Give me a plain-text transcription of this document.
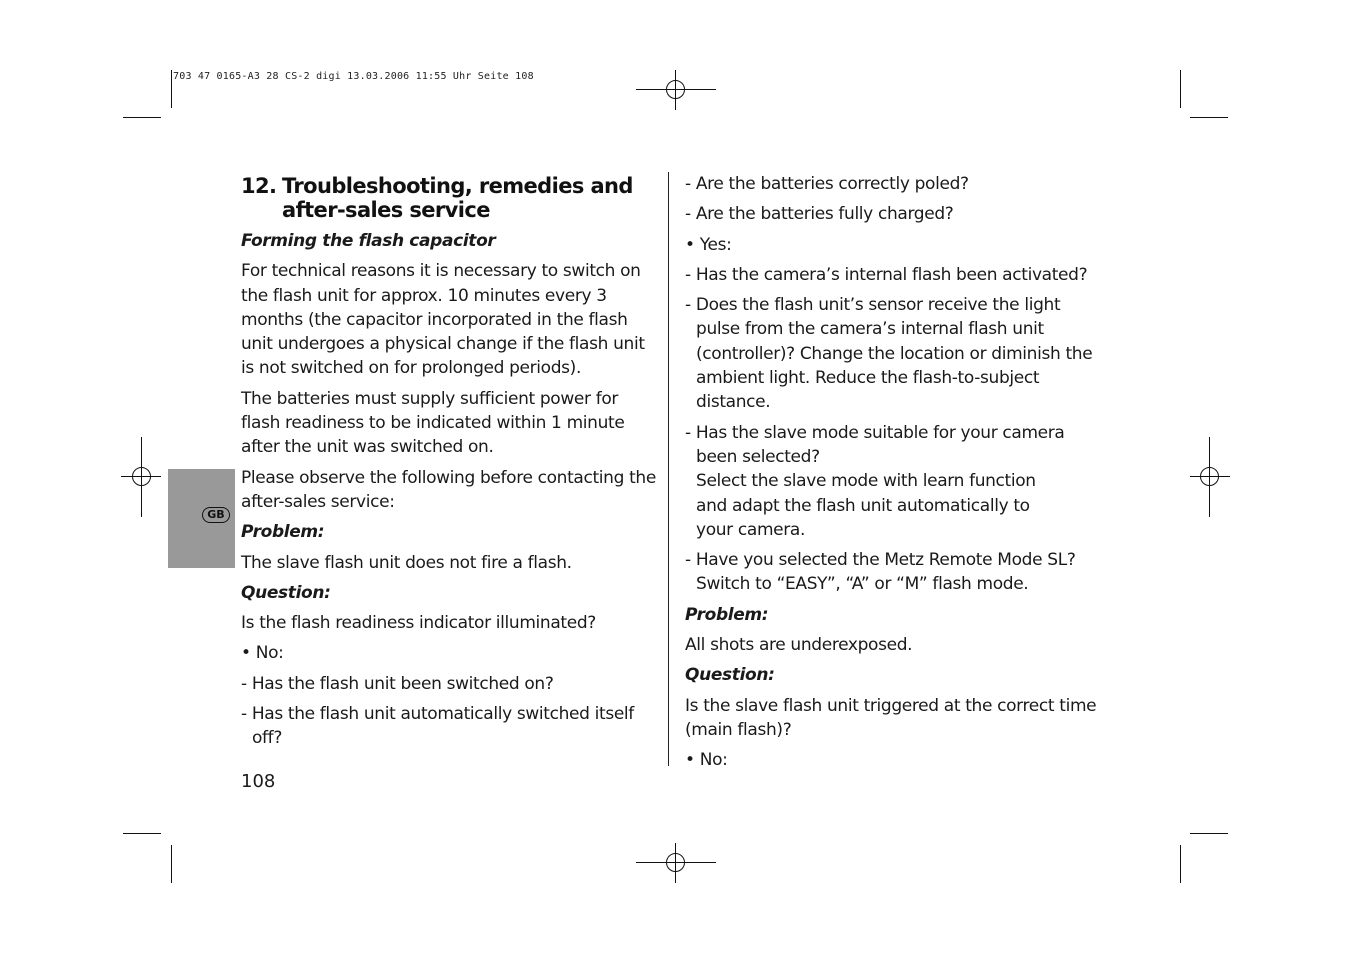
703 47 0165-A3 28 CS-2 digi 13.03.2006 11:55 Uhr Seite 108
GB
12. Troubleshooting, remedies and
after-sales service

Forming the flash capacitor

For technical reasons it is necessary to switch on the flash unit for approx. 10 minutes every 3 months (the capacitor incorporated in the flash unit undergoes a physical change if the flash unit is not switched on for prolonged periods).

The batteries must supply sufficient power for flash readiness to be indicated within 1 minute after the unit was switched on.

Please observe the following before contacting the after-sales service:

Problem:

The slave flash unit does not fire a flash.

Question:

Is the flash readiness indicator illuminated?

• No:

- Has the flash unit been switched on?

- Has the flash unit automatically switched itself off?

108

- Are the batteries correctly poled?

- Are the batteries fully charged?

• Yes:

- Has the camera’s internal flash been activated?

- Does the flash unit’s sensor receive the light pulse from the camera’s internal flash unit (controller)? Change the location or diminish the ambient light. Reduce the flash-to-subject distance.

- Has the slave mode suitable for your camera been selected?

Select the slave mode with learn function and adapt the flash unit automatically to your camera.

- Have you selected the Metz Remote Mode SL? Switch to “EASY”, “A” or “M” flash mode.

Problem:

All shots are underexposed.

Question:

Is the slave flash unit triggered at the correct time (main flash)?

• No:
